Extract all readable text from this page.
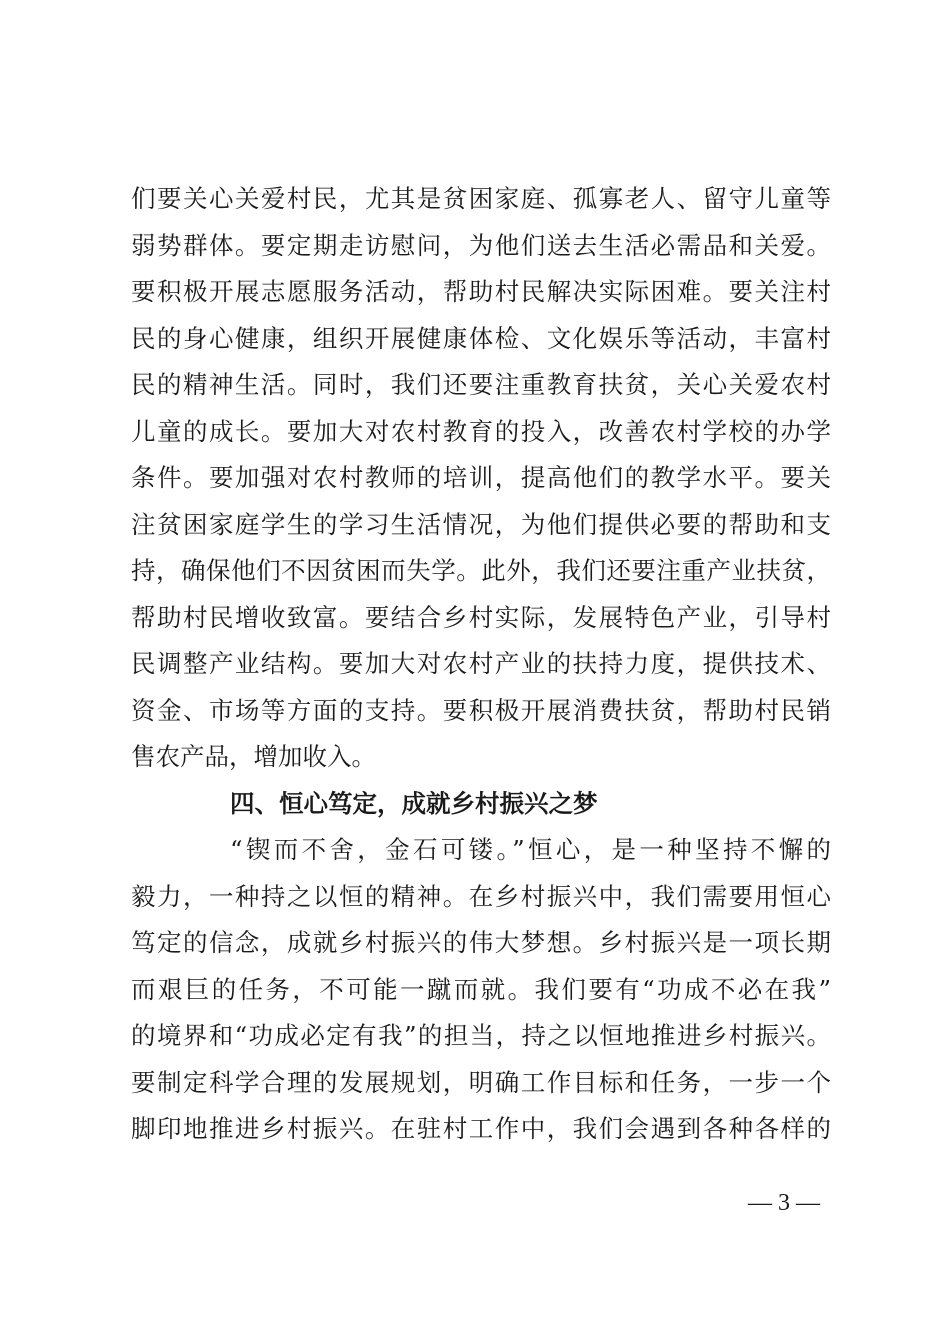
们要关心关爱村民，尤其是贫困家庭、孤寡老人、留守儿童等
弱势群体。要定期走访慰问，为他们送去生活必需品和关爱。
要积极开展志愿服务活动，帮助村民解决实际困难。要关注村
民的身心健康，组织开展健康体检、文化娱乐等活动，丰富村
民的精神生活。同时，我们还要注重教育扶贫，关心关爱农村
儿童的成长。要加大对农村教育的投入，改善农村学校的办学
条件。要加强对农村教师的培训，提高他们的教学水平。要关
注贫困家庭学生的学习生活情况，为他们提供必要的帮助和支
持，确保他们不因贫困而失学。此外，我们还要注重产业扶贫，
帮助村民增收致富。要结合乡村实际，发展特色产业，引导村
民调整产业结构。要加大对农村产业的扶持力度，提供技术、
资金、市场等方面的支持。要积极开展消费扶贫，帮助村民销
售农产品，增加收入。
四、恒心笃定，成就乡村振兴之梦
“锲而不舍，金石可镂。”恒心，是一种坚持不懈的
毅力，一种持之以恒的精神。在乡村振兴中，我们需要用恒心
笃定的信念，成就乡村振兴的伟大梦想。乡村振兴是一项长期
而艰巨的任务，不可能一蹴而就。我们要有“功成不必在我”
的境界和“功成必定有我”的担当，持之以恒地推进乡村振兴。
要制定科学合理的发展规划，明确工作目标和任务，一步一个
脚印地推进乡村振兴。在驻村工作中，我们会遇到各种各样的
— 3 —
